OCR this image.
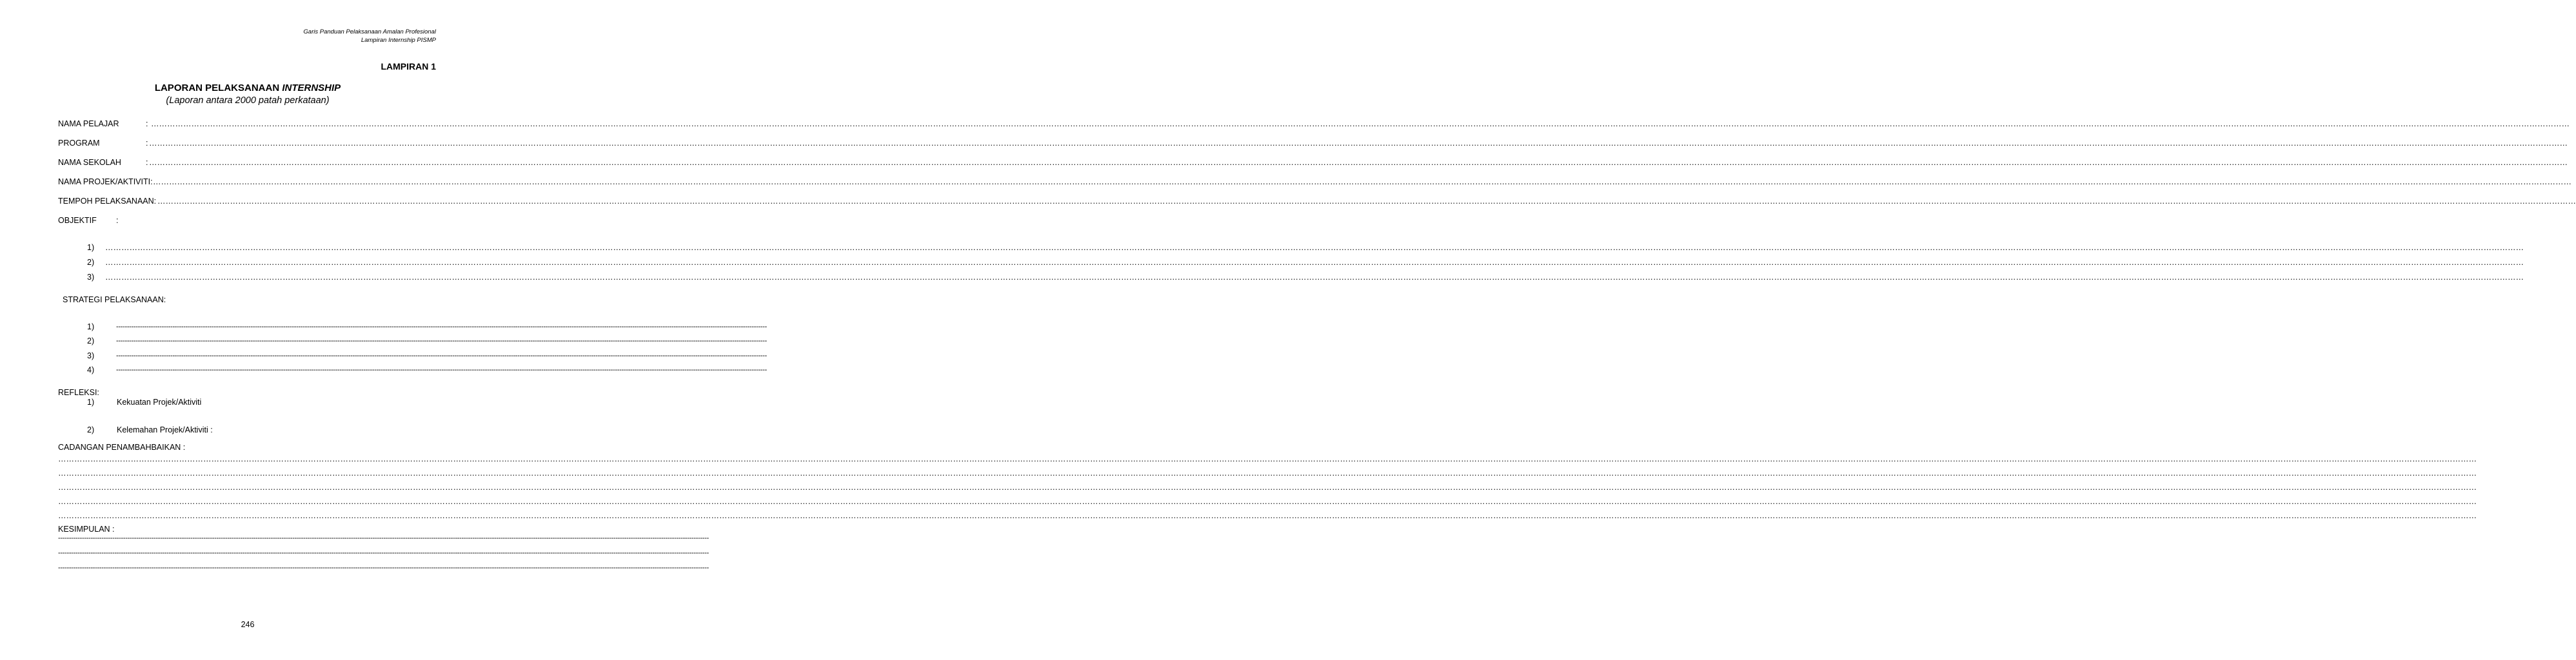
Garis Panduan Pelaksanaan Amalan Profesional
Lampiran Internship PISMP
LAMPIRAN 1
LAPORAN PELAKSANAAN INTERNSHIP
(Laporan antara 2000 patah perkataan)
NAMA PELAJAR	: ………………………………………………………………………………………………………………………………………………………………………………………………………………………………………………………………………………………………………………………………………………………………………………………………………………………………………………………………………………………………………………………………………………………………………………………………………………………………………………………………………………………………………………………………………………………………………………………………………………………………
PROGRAM	: ………………………………………………………………………………………………………………………………………………………………………………………………………………………………………………………………………………………………………………………………………………………………………………………………………………………………………………………………………………………………………………………………………………………………………………………………………………………………………………………………………………………………………………………………………………………………………………………………………………………………
NAMA SEKOLAH	: ………………………………………………………………………………………………………………………………………………………………………………………………………………………………………………………………………………………………………………………………………………………………………………………………………………………………………………………………………………………………………………………………………………………………………………………………………………………………………………………………………………………………………………………………………………………………………………………………………………………………
NAMA PROJEK/AKTIVITI: ………………………………………………………………………………………………………………………………………………………………………………………………………………………………………………………………………………………………………………………………………………………………………………………………………………………………………………………………………………………………………………………………………………………………………………………………………………………………………………………………………………………………………………………………………………………………………………………………………………………………
TEMPOH PELAKSANAAN: ………………………………………………………………………………………………………………………………………………………………………………………………………………………………………………………………………………………………………………………………………………………………………………………………………………………………………………………………………………………………………………………………………………………………………………………………………………………………………………………………………………………………………………………………………………………………………………………………………………………………
OBJEKTIF :
1) ………………………………………………………………………………………………………………………………………………………………………………………………………………………………………………………………………………………………………………………………………………………………………………………………………………………………………………………………………………………………………………………………………………………………………………………………………………………………………………………………………………………………………………………………………………………………………………………………………………………………
2) ………………………………………………………………………………………………………………………………………………………………………………………………………………………………………………………………………………………………………………………………………………………………………………………………………………………………………………………………………………………………………………………………………………………………………………………………………………………………………………………………………………………………………………………………………………………………………………………………………………………………
3) ………………………………………………………………………………………………………………………………………………………………………………………………………………………………………………………………………………………………………………………………………………………………………………………………………………………………………………………………………………………………………………………………………………………………………………………………………………………………………………………………………………………………………………………………………………………………………………………………………………………………
STRATEGI PELAKSANAAN:
1)	------------------------------------------------------------------------------------------------------------------------------------------------------------------------------------------------------------------------------------------------------------------------------------------------------------
2)	------------------------------------------------------------------------------------------------------------------------------------------------------------------------------------------------------------------------------------------------------------------------------------------------------------
3)	------------------------------------------------------------------------------------------------------------------------------------------------------------------------------------------------------------------------------------------------------------------------------------------------------------
4)	------------------------------------------------------------------------------------------------------------------------------------------------------------------------------------------------------------------------------------------------------------------------------------------------------------
REFLEKSI:
1)	Kekuatan Projek/Aktiviti
2)	Kelemahan Projek/Aktiviti :
CADANGAN PENAMBAHBAIKAN :
………………………………………………………………………………………………………………………………………………………………………………………………………………………………………………………………………………………………………………………………………………………………………………………………………………………………………………………………………………………………………………………………………………………………………………………………………………………………………………………………………………………………………………………………………………………………………………………………………………………………
………………………………………………………………………………………………………………………………………………………………………………………………………………………………………………………………………………………………………………………………………………………………………………………………………………………………………………………………………………………………………………………………………………………………………………………………………………………………………………………………………………………………………………………………………………………………………………………………………………………………
………………………………………………………………………………………………………………………………………………………………………………………………………………………………………………………………………………………………………………………………………………………………………………………………………………………………………………………………………………………………………………………………………………………………………………………………………………………………………………………………………………………………………………………………………………………………………………………………………………………………
………………………………………………………………………………………………………………………………………………………………………………………………………………………………………………………………………………………………………………………………………………………………………………………………………………………………………………………………………………………………………………………………………………………………………………………………………………………………………………………………………………………………………………………………………………………………………………………………………………………………
………………………………………………………………………………………………………………………………………………………………………………………………………………………………………………………………………………………………………………………………………………………………………………………………………………………………………………………………………………………………………………………………………………………………………………………………………………………………………………………………………………………………………………………………………………………………………………………………………………………………
KESIMPULAN :
------------------------------------------------------------------------------------------------------------------------------------------------------------------------------------------------------------------------------------------------------------------------------------------------------------
------------------------------------------------------------------------------------------------------------------------------------------------------------------------------------------------------------------------------------------------------------------------------------------------------------
------------------------------------------------------------------------------------------------------------------------------------------------------------------------------------------------------------------------------------------------------------------------------------------------------------
246
